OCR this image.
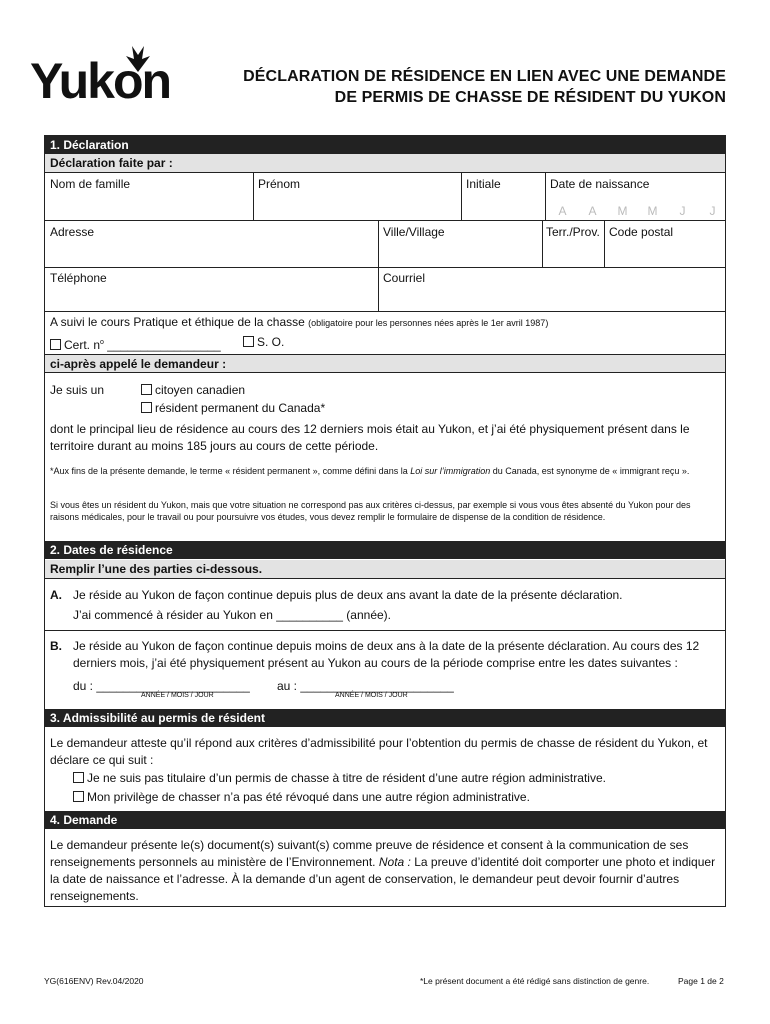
Yukon	DÉCLARATION DE RÉSIDENCE EN LIEN AVEC UNE DEMANDE
DE PERMIS DE CHASSE DE RÉSIDENT DU YUKON
1. Déclaration
Déclaration faite par :
Nom de famille	Prénom	Initiale	Date de naissance
A	A	M	M	J	J
Adresse	Ville/Village	Terr./Prov. Code postal
Téléphone	Courriel
A suivi le cours Pratique et éthique de la chasse (obligatoire pour les personnes nées après le 1er avril 1987)
Cert. $n^o$ _________________	S. O.
ci-après appelé le demandeur :
Je suis un	citoyen canadien
résident permanent du Canada*
dont le principal lieu de résidence au cours des 12 derniers mois était au Yukon, et j’ai été physiquement présent dans le territoire durant au moins 185 jours au cours de cette période.
*Aux fins de la présente demande, le terme « résident permanent », comme défini dans la Loi sur l’immigration du Canada, est synonyme de « immigrant reçu ».
Si vous êtes un résident du Yukon, mais que votre situation ne correspond pas aux critères ci-dessus, par exemple si vous vous êtes absenté du Yukon pour des raisons médicales, pour le travail ou pour poursuivre vos études, vous devez remplir le formulaire de dispense de la condition de résidence.
2. Dates de résidence
Remplir l’une des parties ci-dessous.
A. Je réside au Yukon de façon continue depuis plus de deux ans avant la date de la présente déclaration.
J’ai commencé à résider au Yukon en __________ (année).
B. Je réside au Yukon de façon continue depuis moins de deux ans à la date de la présente déclaration. Au cours des 12 derniers mois, j’ai été physiquement présent au Yukon au cours de la période comprise entre les dates suivantes :
du : _______________________ au : _______________________
ANNÉE / MOIS / JOUR	ANNÉE / MOIS / JOUR
3. Admissibilité au permis de résident
Le demandeur atteste qu’il répond aux critères d’admissibilité pour l’obtention du permis de chasse de résident du Yukon, et déclare ce qui suit :
Je ne suis pas titulaire d’un permis de chasse à titre de résident d’une autre région administrative.
Mon privilège de chasser n’a pas été révoqué dans une autre région administrative.
4. Demande
Le demandeur présente le(s) document(s) suivant(s) comme preuve de résidence et consent à la communication de ses renseignements personnels au ministère de l’Environnement. Nota : La preuve d’identité doit comporter une photo et indiquer la date de naissance et l’adresse. À la demande d’un agent de conservation, le demandeur peut devoir fournir d’autres renseignements.
YG(616ENV) Rev.04/2020	*Le présent document a été rédigé sans distinction de genre.	Page 1 de 2
